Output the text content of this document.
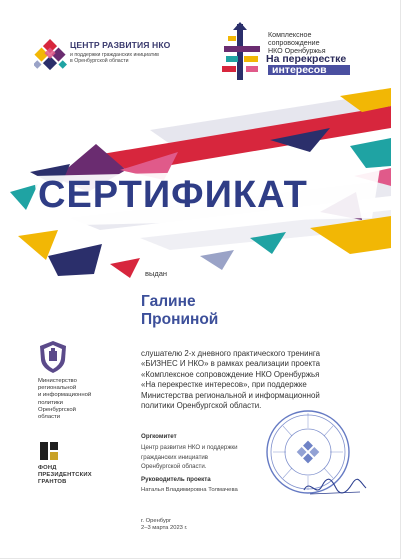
ЦЕНТР РАЗВИТИЯ НКО
и поддержки гражданских инициатив
в Оренбургской области
Комплексное
сопровождение
НКО Оренбуржья
На перекрестке
интересов
СЕРТИФИКАТ
выдан
Галине
Прониной
слушателю 2-х дневного практического тренинга
«БИЗНЕС И НКО» в рамках реализации проекта
«Комплексное сопровождение НКО Оренбуржья
«На перекрестке интересов», при поддержке
Министерства региональной и информационной
политики Оренбургской области.
Министерство
региональной
и информационной
политики
Оренбургской
области
ФОНД
ПРЕЗИДЕНТСКИХ
ГРАНТОВ
Оргкомитет
Центр развития НКО и поддержки
гражданских инициатив
Оренбургской области.
Руководитель проекта
Наталья Владимировна Толмачева
г. Оренбург
2–3 марта 2023 г.
